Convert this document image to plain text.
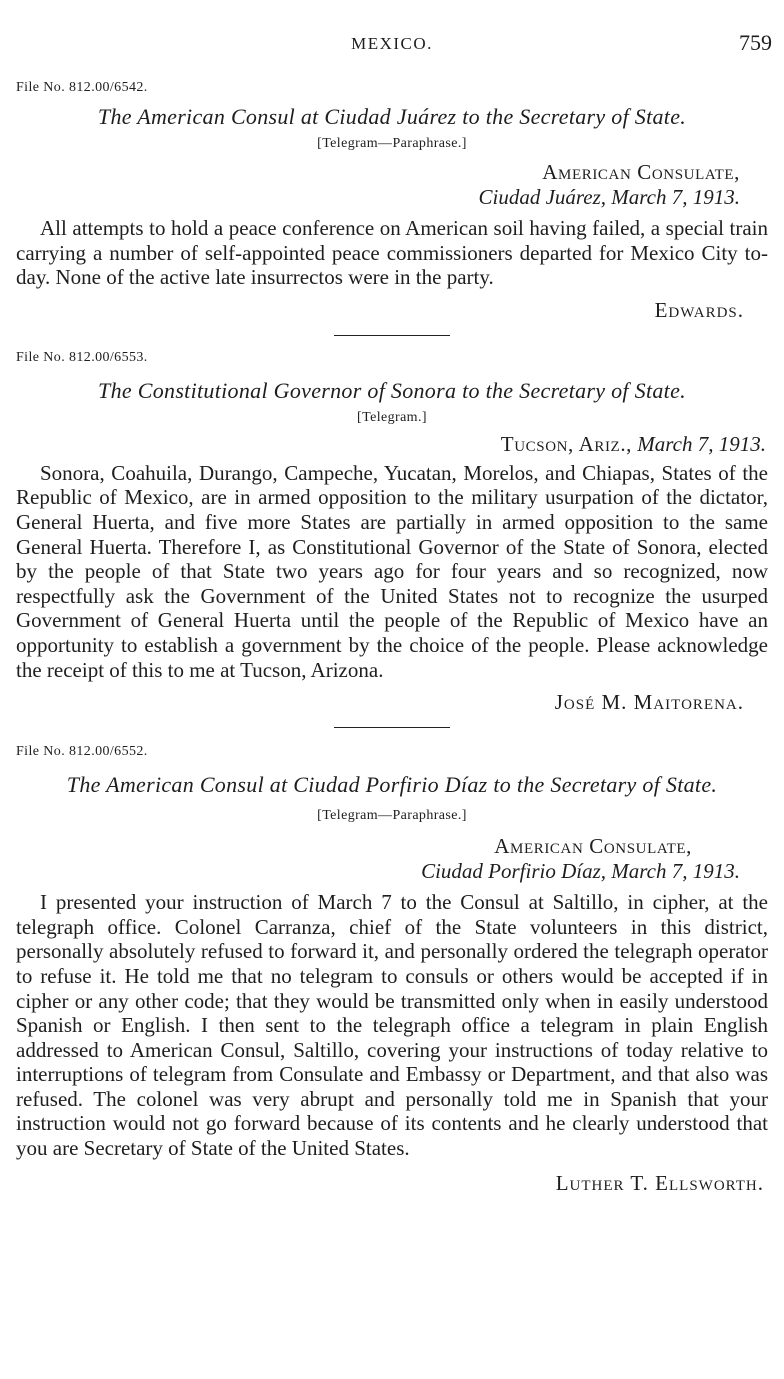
MEXICO.	759

File No. 812.00/6542.

The American Consul at Ciudad Juárez to the Secretary of State.

[Telegram—Paraphrase.]

American Consulate,

Ciudad Juárez, March 7, 1913.

All attempts to hold a peace conference on American soil having failed, a special train carrying a number of self-appointed peace commissioners departed for Mexico City to-day. None of the active late insurrectos were in the party.

Edwards.

File No. 812.00/6553.

The Constitutional Governor of Sonora to the Secretary of State.

[Telegram.]

Tucson, Ariz., March 7, 1913.

Sonora, Coahuila, Durango, Campeche, Yucatan, Morelos, and Chiapas, States of the Republic of Mexico, are in armed opposition to the military usurpation of the dictator, General Huerta, and five more States are partially in armed opposition to the same General Huerta. Therefore I, as Constitutional Governor of the State of Sonora, elected by the people of that State two years ago for four years and so recognized, now respectfully ask the Government of the United States not to recognize the usurped Government of General Huerta until the people of the Republic of Mexico have an opportunity to establish a government by the choice of the people. Please acknowledge the receipt of this to me at Tucson, Arizona.

José M. Maitorena.

File No. 812.00/6552.

The American Consul at Ciudad Porfirio Díaz to the Secretary of State.

[Telegram—Paraphrase.]

American Consulate,

Ciudad Porfirio Díaz, March 7, 1913.

I presented your instruction of March 7 to the Consul at Saltillo, in cipher, at the telegraph office. Colonel Carranza, chief of the State volunteers in this district, personally absolutely refused to forward it, and personally ordered the telegraph operator to refuse it. He told me that no telegram to consuls or others would be accepted if in cipher or any other code; that they would be transmitted only when in easily understood Spanish or English. I then sent to the telegraph office a telegram in plain English addressed to American Consul, Saltillo, covering your instructions of today relative to interruptions of telegram from Consulate and Embassy or Department, and that also was refused. The colonel was very abrupt and personally told me in Spanish that your instruction would not go forward because of its contents and he clearly understood that you are Secretary of State of the United States.

Luther T. Ellsworth.
